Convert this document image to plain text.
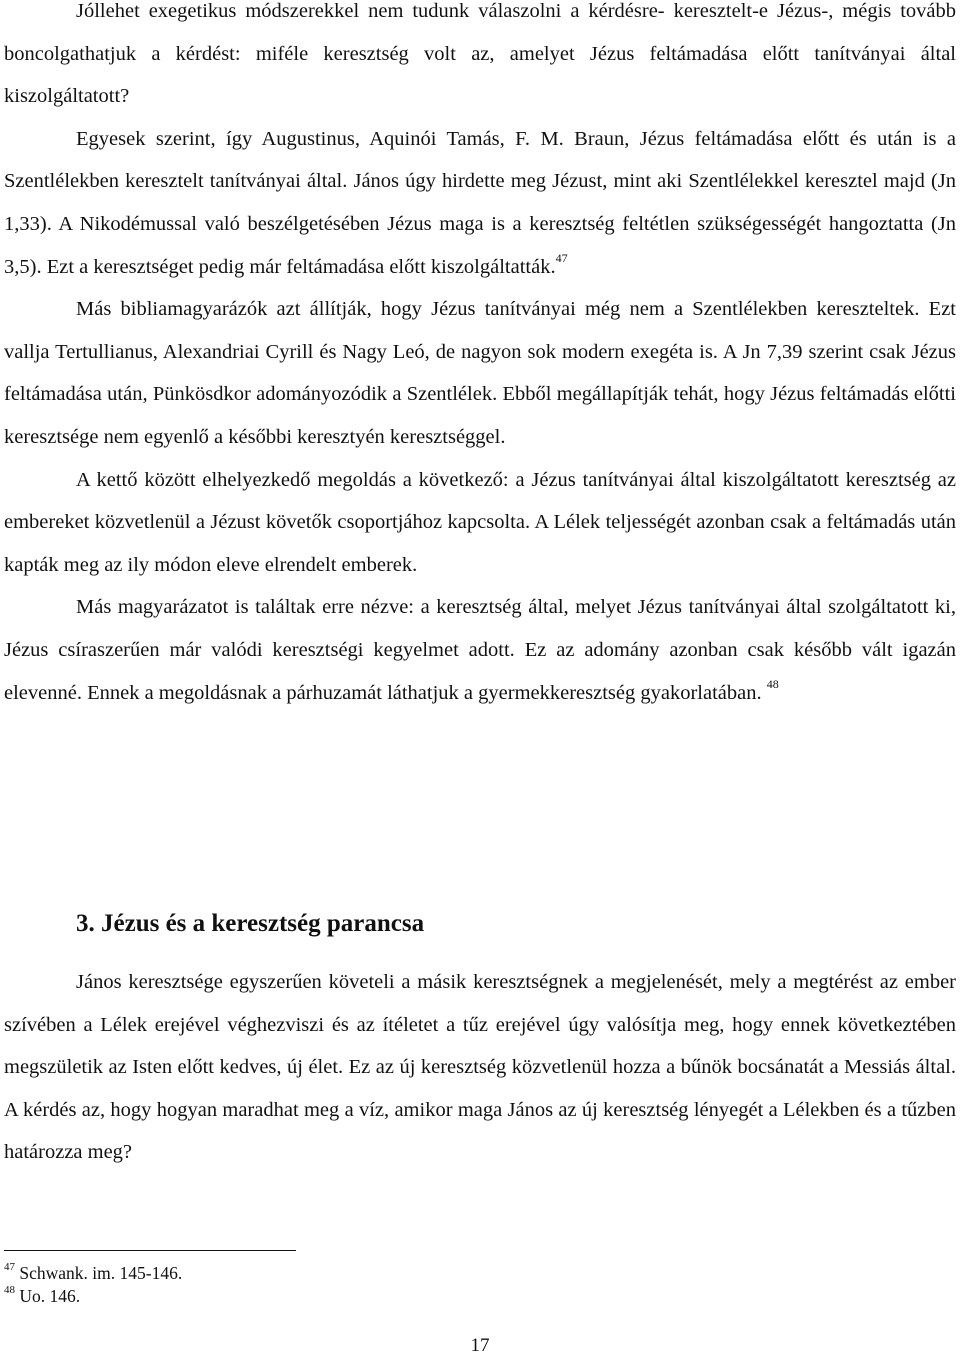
Jóllehet exegetikus módszerekkel nem tudunk válaszolni a kérdésre- keresztelt-e Jézus-, mégis tovább boncolgathatjuk a kérdést: miféle keresztség volt az, amelyet Jézus feltámadása előtt tanítványai által kiszolgáltatott?

Egyesek szerint, így Augustinus, Aquinói Tamás, F. M. Braun, Jézus feltámadása előtt és után is a Szentlélekben keresztelt tanítványai által. János úgy hirdette meg Jézust, mint aki Szentlélekkel keresztel majd (Jn 1,33). A Nikodémussal való beszélgetésében Jézus maga is a keresztség feltétlen szükségességét hangoztatta (Jn 3,5). Ezt a keresztséget pedig már feltámadása előtt kiszolgáltatták.$^{47}$

Más bibliamagyarázók azt állítják, hogy Jézus tanítványai még nem a Szentlélekben kereszteltek. Ezt vallja Tertullianus, Alexandriai Cyrill és Nagy Leó, de nagyon sok modern exegéta is. A Jn 7,39 szerint csak Jézus feltámadása után, Pünkösdkor adományozódik a Szentlélek. Ebből megállapítják tehát, hogy Jézus feltámadás előtti keresztsége nem egyenlő a későbbi keresztyén keresztséggel.

A kettő között elhelyezkedő megoldás a következő: a Jézus tanítványai által kiszolgáltatott keresztség az embereket közvetlenül a Jézust követők csoportjához kapcsolta. A Lélek teljességét azonban csak a feltámadás után kapták meg az ily módon eleve elrendelt emberek.

Más magyarázatot is találtak erre nézve: a keresztség által, melyet Jézus tanítványai által szolgáltatott ki, Jézus csíraszerűen már valódi keresztségi kegyelmet adott. Ez az adomány azonban csak később vált igazán elevenné. Ennek a megoldásnak a párhuzamát láthatjuk a gyermekkeresztség gyakorlatában. $^{48}$

3. Jézus és a keresztség parancsa

János keresztsége egyszerűen követeli a másik keresztségnek a megjelenését, mely a megtérést az ember szívében a Lélek erejével véghezviszi és az ítéletet a tűz erejével úgy valósítja meg, hogy ennek következtében megszületik az Isten előtt kedves, új élet. Ez az új keresztség közvetlenül hozza a bűnök bocsánatát a Messiás által. A kérdés az, hogy hogyan maradhat meg a víz, amikor maga János az új keresztség lényegét a Lélekben és a tűzben határozza meg?

$^{47}$ Schwank. im. 145-146.
$^{48}$ Uo. 146.
17
